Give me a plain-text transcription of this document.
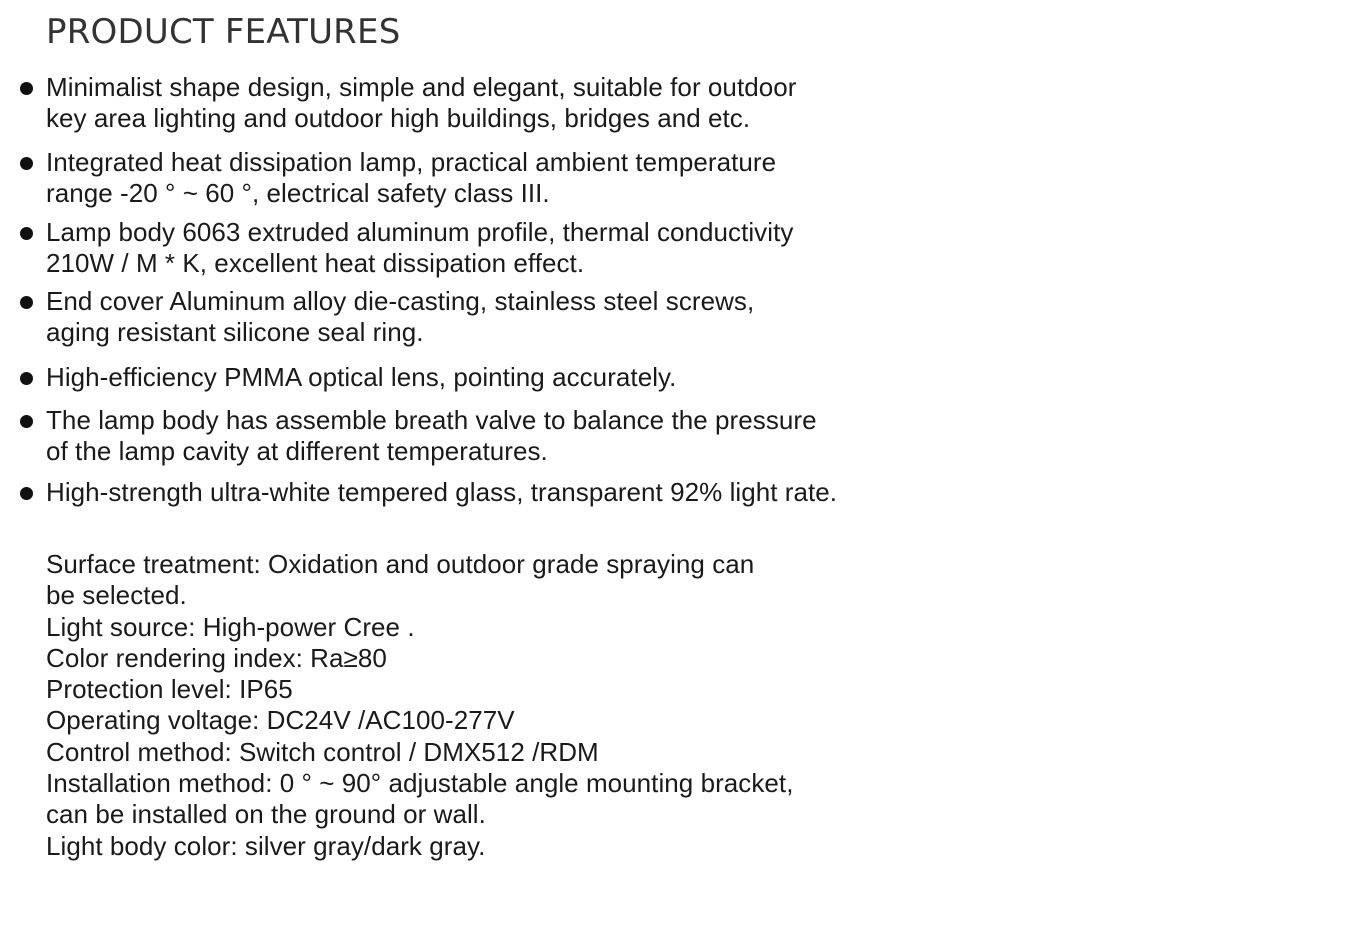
PRODUCT FEATURES
Minimalist shape design, simple and elegant, suitable for outdoor
key area lighting and outdoor high buildings, bridges and etc.
Integrated heat dissipation lamp, practical ambient temperature
range -20 ° ~ 60 °, electrical safety class III.
Lamp body 6063 extruded aluminum profile, thermal conductivity
210W / M * K, excellent heat dissipation effect.
End cover Aluminum alloy die-casting, stainless steel screws,
aging resistant silicone seal ring.
High-efficiency PMMA optical lens, pointing accurately.
The lamp body has assemble breath valve to balance the pressure
of the lamp cavity at different temperatures.
High-strength ultra-white tempered glass, transparent 92% light rate.
Surface treatment: Oxidation and outdoor grade spraying can
be selected.
Light source: High-power Cree .
Color rendering index: Ra≥80
Protection level: IP65
Operating voltage: DC24V /AC100-277V
Control method: Switch control / DMX512 /RDM
Installation method: 0 ° ~ 90° adjustable angle mounting bracket,
can be installed on the ground or wall.
Light body color: silver gray/dark gray.
